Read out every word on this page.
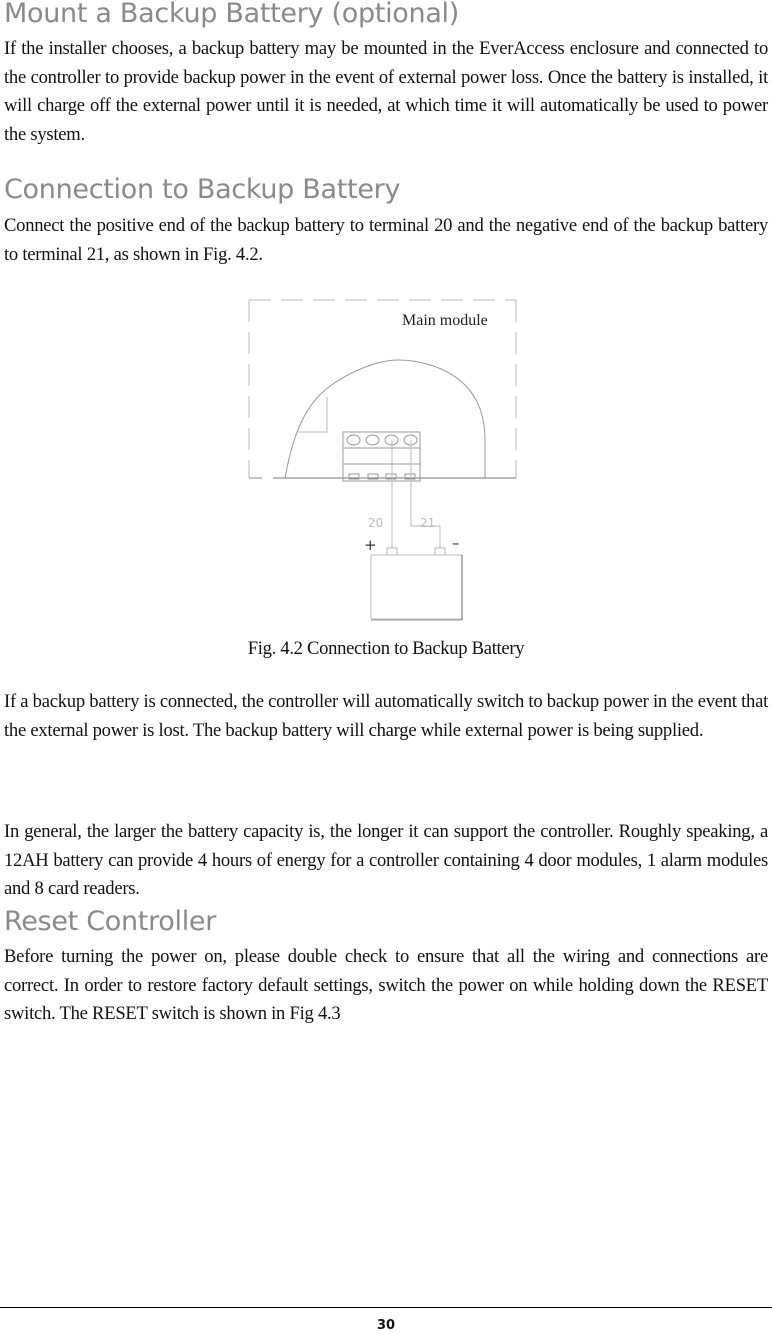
Mount a Backup Battery (optional)

If the installer chooses, a backup battery may be mounted in the EverAccess enclosure and connected to the controller to provide backup power in the event of external power loss. Once the battery is installed, it will charge off the external power until it is needed, at which time it will automatically be used to power the system.

Connection to Backup Battery

Connect the positive end of the backup battery to terminal 20 and the negative end of the backup battery to terminal 21, as shown in Fig. 4.2.

Main module
20	21
+	–

Fig. 4.2 Connection to Backup Battery

If a backup battery is connected, the controller will automatically switch to backup power in the event that the external power is lost. The backup battery will charge while external power is being supplied.

In general, the larger the battery capacity is, the longer it can support the controller. Roughly speaking, a 12AH battery can provide 4 hours of energy for a controller containing 4 door modules, 1 alarm modules and 8 card readers.

Reset Controller

Before turning the power on, please double check to ensure that all the wiring and connections are correct. In order to restore factory default settings, switch the power on while holding down the RESET switch. The RESET switch is shown in Fig 4.3

30
